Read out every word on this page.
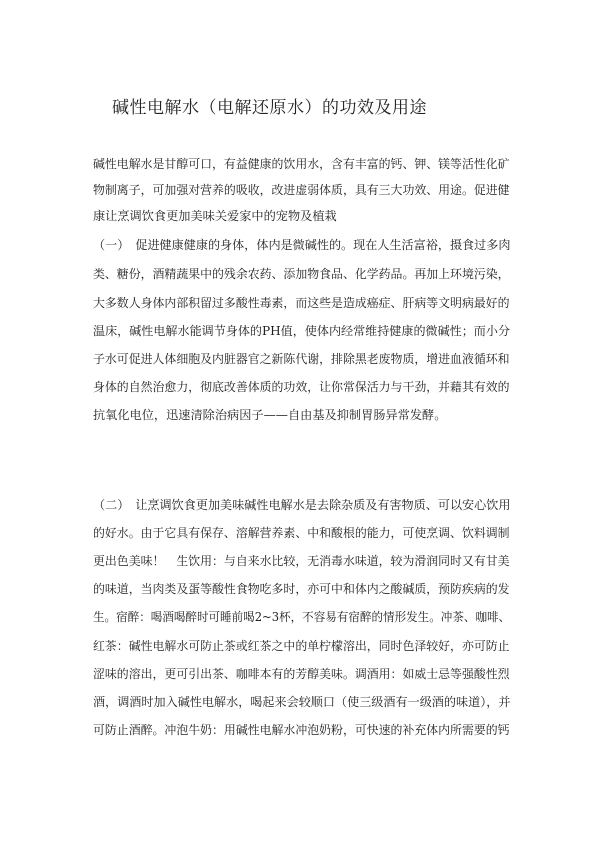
碱性电解水（电解还原水）的功效及用途
碱性电解水是甘醇可口，有益健康的饮用水，含有丰富的钙、钾、镁等活性化矿
物制离子，可加强对营养的吸收，改进虚弱体质，具有三大功效、用途。促进健
康让烹调饮食更加美味关爱家中的宠物及植栽
（一）　促进健康健康的身体，体内是微碱性的。现在人生活富裕，摄食过多肉
类、糖份，酒精蔬果中的残余农药、添加物食品、化学药品。再加上环境污染，
大多数人身体内部积留过多酸性毒素，而这些是造成癌症、肝病等文明病最好的
温床，碱性电解水能调节身体的PH值，使体内经常维持健康的微碱性；而小分
子水可促进人体细胞及内脏器官之新陈代谢，排除黑老废物质，增进血液循环和
身体的自然治愈力，彻底改善体质的功效，让你常保活力与干劲，并藉其有效的
抗氧化电位，迅速清除治病因子——自由基及抑制胃肠异常发酵。
（二）　让烹调饮食更加美味碱性电解水是去除杂质及有害物质、可以安心饮用
的好水。由于它具有保存、溶解营养素、中和酸根的能力，可使烹调、饮料调制
更出色美味！　生饮用：与自来水比较，无消毒水味道，较为滑润同时又有甘美
的味道，当肉类及蛋等酸性食物吃多时，亦可中和体内之酸碱质，预防疾病的发
生。宿醉：喝酒喝醉时可睡前喝2~3杯，不容易有宿醉的情形发生。冲茶、咖啡、
红茶：碱性电解水可防止茶或红茶之中的单柠檬溶出，同时色泽较好，亦可防止
涩味的溶出，更可引出茶、咖啡本有的芳醇美味。调酒用：如威士忌等强酸性烈
酒，调酒时加入碱性电解水，喝起来会较顺口（使三级酒有一级酒的味道），并
可防止酒醉。冲泡牛奶：用碱性电解水冲泡奶粉，可快速的补充体内所需要的钙
